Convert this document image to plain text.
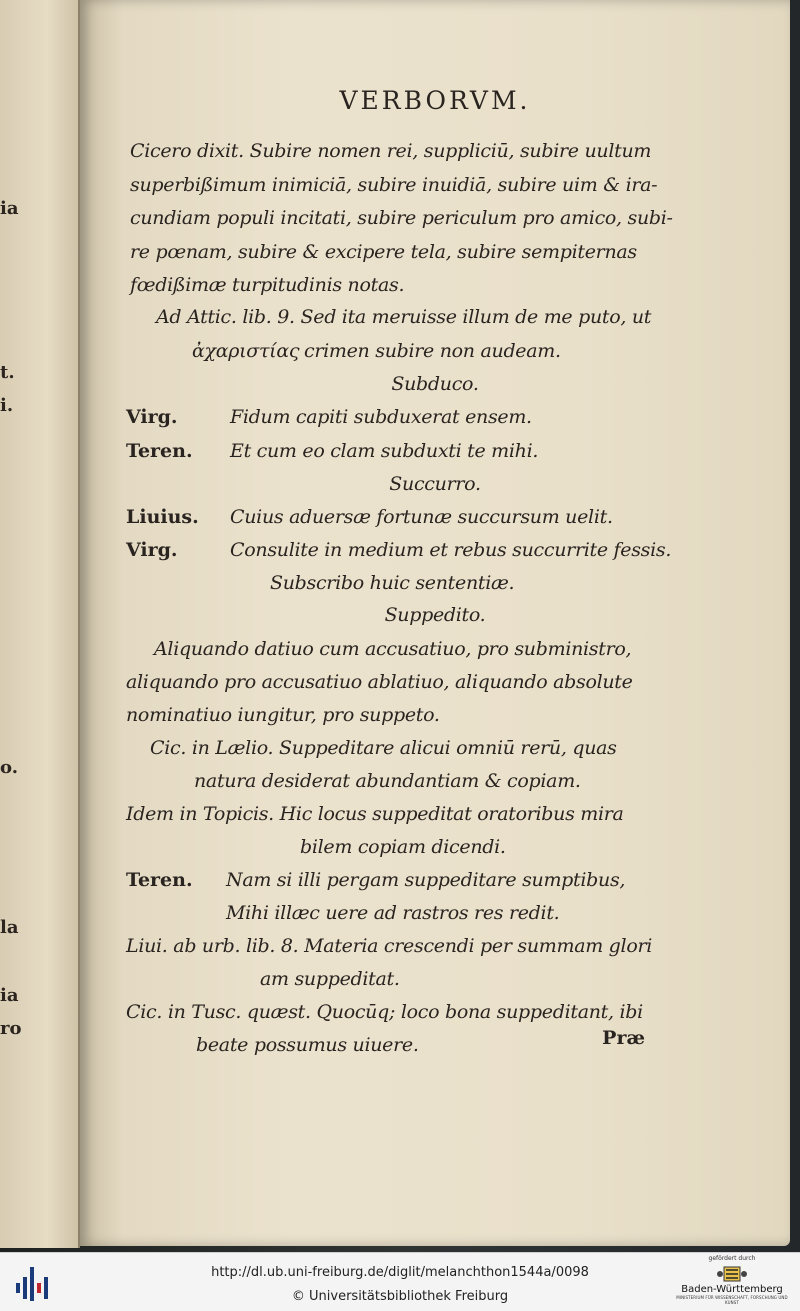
ia
t.
i.
o.
la
ia
ro
VERBORVM.
Cicero dixit. Subire nomen rei, suppliciū, subire uultum
superbißimum inimiciā, subire inuidiā, subire uim & ira-
cundiam populi incitati, subire periculum pro amico, subi-
re pœnam, subire & excipere tela, subire sempiternas
fœdißimæ turpitudinis notas.
Ad Attic. lib. 9. Sed ita meruisse illum de me puto, ut
ἀχαριστίας crimen subire non audeam.
Subduco.
Virg.	Fidum capiti subduxerat ensem.
Teren. Et cum eo clam subduxti te mihi.
Succurro.
Liuius. Cuius aduersæ fortunæ succursum uelit.
Virg.	Consulite in medium et rebus succurrite fessis.
Subscribo huic sententiæ.
Suppedito.
Aliquando datiuo cum accusatiuo, pro subministro,
aliquando pro accusatiuo ablatiuo, aliquando absolute
nominatiuo iungitur, pro suppeto.
Cic. in Lælio. Suppeditare alicui omniū rerū, quas
natura desiderat abundantiam & copiam.
Idem in Topicis. Hic locus suppeditat oratoribus mira
bilem copiam dicendi.
Teren. Nam si illi pergam suppeditare sumptibus,
Mihi illæc uere ad rastros res redit.
Liui. ab urb. lib. 8. Materia crescendi per summam glori
am suppeditat.
Cic. in Tusc. quæst. Quocūq; loco bona suppeditant, ibi
beate possumus uiuere.	Præ
http://dl.ub.uni-freiburg.de/diglit/melanchthon1544a/0098
© Universitätsbibliothek Freiburg
gefördert durch
Baden-Württemberg
MINISTERIUM FÜR WISSENSCHAFT, FORSCHUNG UND KUNST
